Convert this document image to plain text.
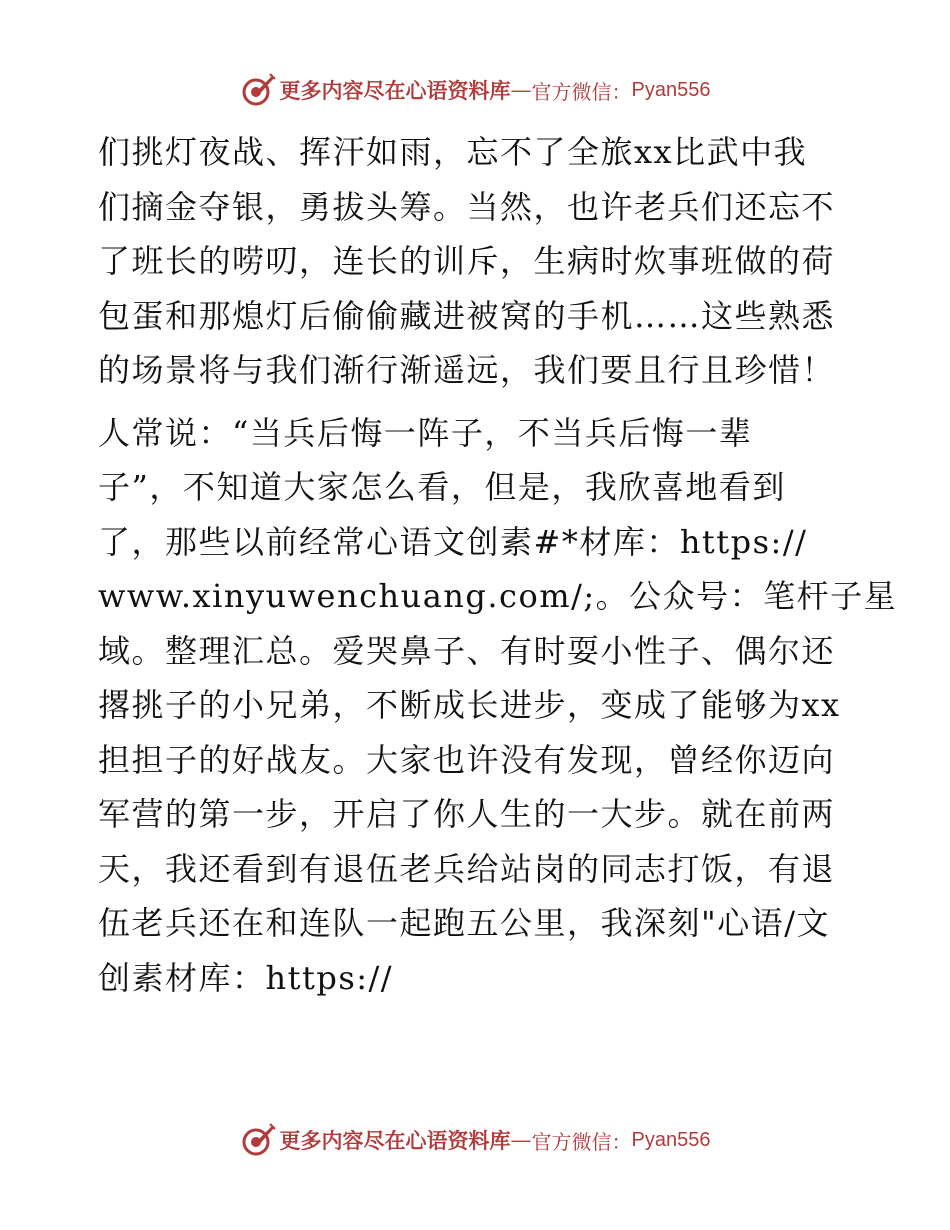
更多内容尽在心语资料库 — 官方微信： Pyan556

们挑灯夜战、挥汗如雨，忘不了全旅xx比武中我
们摘金夺银，勇拔头筹。当然，也许老兵们还忘不
了班长的唠叨，连长的训斥，生病时炊事班做的荷
包蛋和那熄灯后偷偷藏进被窝的手机……这些熟悉
的场景将与我们渐行渐遥远，我们要且行且珍惜！

人常说：“当兵后悔一阵子，不当兵后悔一辈
子”，不知道大家怎么看，但是，我欣喜地看到
了，那些以前经常心语文创素#*材库：https://
www.xinyuwenchuang.com/;。公众号：笔杆子星
域。整理汇总。爱哭鼻子、有时耍小性子、偶尔还
撂挑子的小兄弟，不断成长进步，变成了能够为xx
担担子的好战友。大家也许没有发现，曾经你迈向
军营的第一步，开启了你人生的一大步。就在前两
天，我还看到有退伍老兵给站岗的同志打饭，有退
伍老兵还在和连队一起跑五公里，我深刻"心语/文
创素材库：https://

更多内容尽在心语资料库 — 官方微信： Pyan556
